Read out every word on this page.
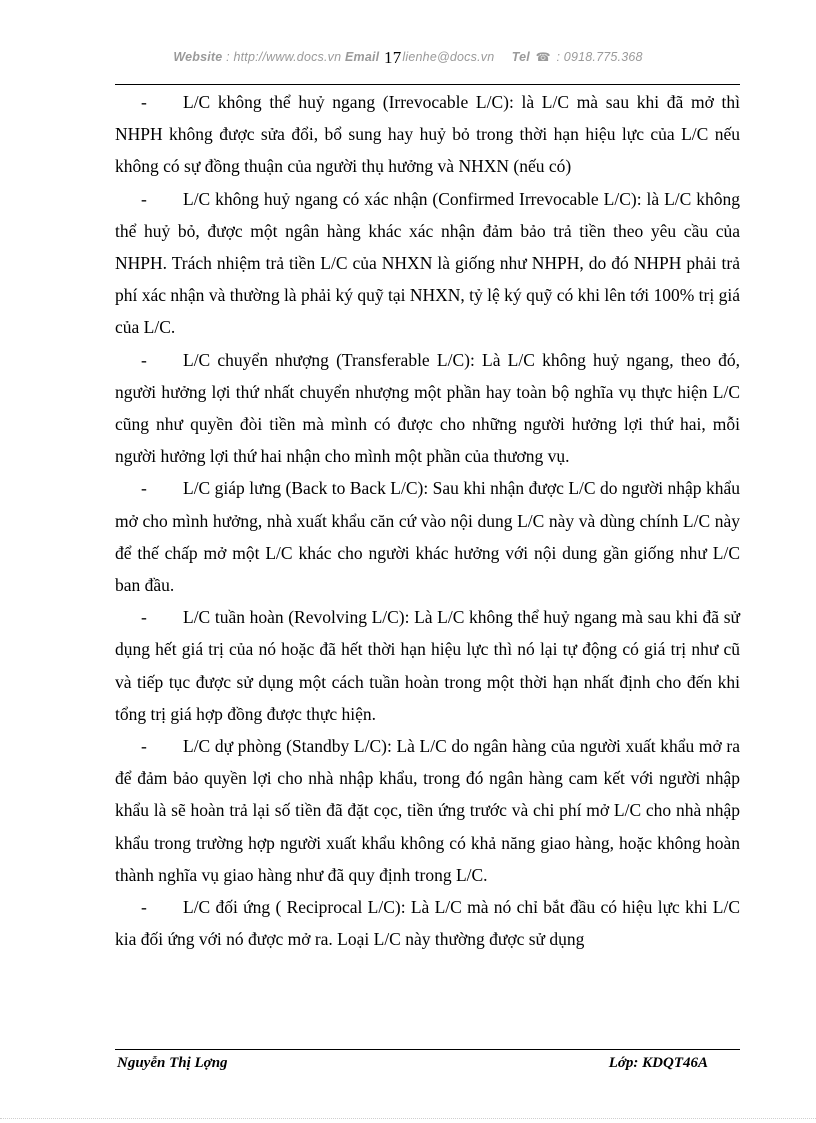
Website : http://www.docs.vn Email 17lienhe@docs.vn Tel ☎ : 0918.775.368

- L/C không thể huỷ ngang (Irrevocable L/C): là L/C mà sau khi đã mở thì NHPH không được sửa đổi, bổ sung hay huỷ bỏ trong thời hạn hiệu lực của L/C nếu không có sự đồng thuận của người thụ hưởng và NHXN (nếu có)

- L/C không huỷ ngang có xác nhận (Confirmed Irrevocable L/C): là L/C không thể huỷ bỏ, được một ngân hàng khác xác nhận đảm bảo trả tiền theo yêu cầu của NHPH. Trách nhiệm trả tiền L/C của NHXN là giống như NHPH, do đó NHPH phải trả phí xác nhận và thường là phải ký quỹ tại NHXN, tỷ lệ ký quỹ có khi lên tới 100% trị giá của L/C.

- L/C chuyển nhượng (Transferable L/C): Là L/C không huỷ ngang, theo đó, người hưởng lợi thứ nhất chuyển nhượng một phần hay toàn bộ nghĩa vụ thực hiện L/C cũng như quyền đòi tiền mà mình có được cho những người hưởng lợi thứ hai, mỗi người hưởng lợi thứ hai nhận cho mình một phần của thương vụ.

- L/C giáp lưng (Back to Back L/C): Sau khi nhận được L/C do người nhập khẩu mở cho mình hưởng, nhà xuất khẩu căn cứ vào nội dung L/C này và dùng chính L/C này để thế chấp mở một L/C khác cho người khác hưởng với nội dung gần giống như L/C ban đầu.

- L/C tuần hoàn (Revolving L/C): Là L/C không thể huỷ ngang mà sau khi đã sử dụng hết giá trị của nó hoặc đã hết thời hạn hiệu lực thì nó lại tự động có giá trị như cũ và tiếp tục được sử dụng một cách tuần hoàn trong một thời hạn nhất định cho đến khi tổng trị giá hợp đồng được thực hiện.

- L/C dự phòng (Standby L/C): Là L/C do ngân hàng của người xuất khẩu mở ra để đảm bảo quyền lợi cho nhà nhập khẩu, trong đó ngân hàng cam kết với người nhập khẩu là sẽ hoàn trả lại số tiền đã đặt cọc, tiền ứng trước và chi phí mở L/C cho nhà nhập khẩu trong trường hợp người xuất khẩu không có khả năng giao hàng, hoặc không hoàn thành nghĩa vụ giao hàng như đã quy định trong L/C.

- L/C đối ứng ( Reciprocal L/C): Là L/C mà nó chỉ bắt đầu có hiệu lực khi L/C kia đối ứng với nó được mở ra. Loại L/C này thường được sử dụng

Nguyễn Thị Lợng	Lớp: KDQT46A
